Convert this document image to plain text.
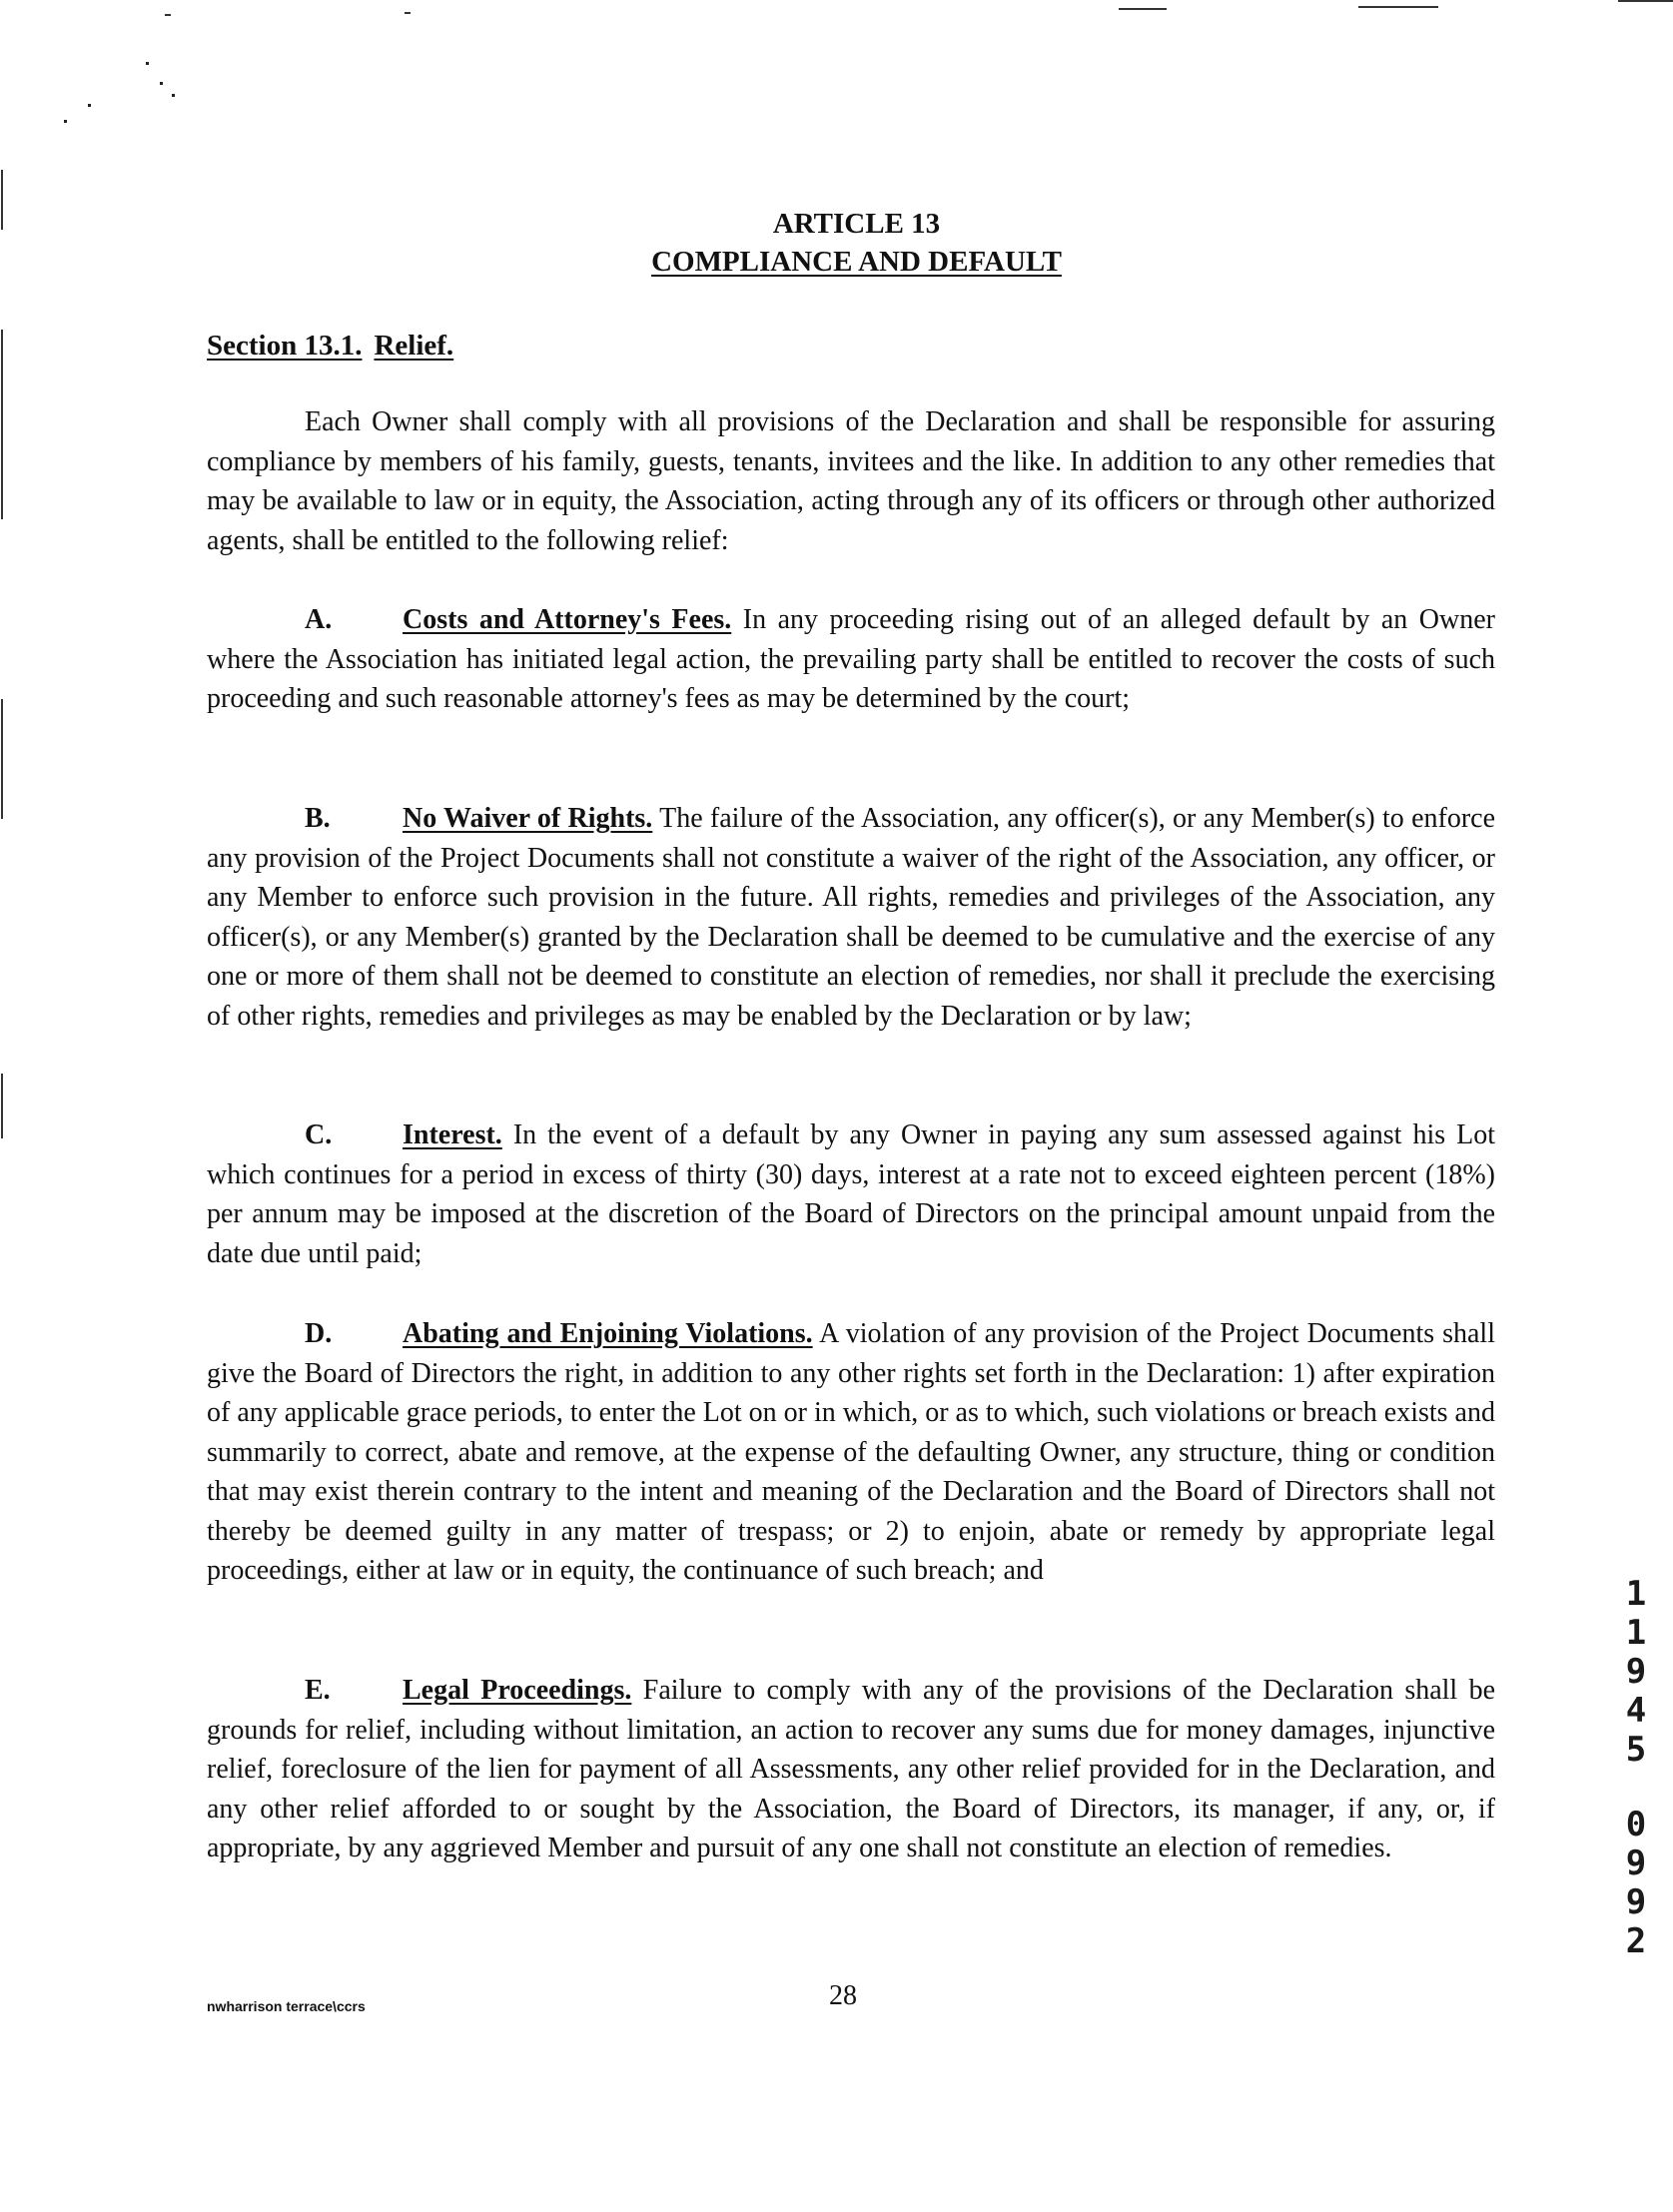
ARTICLE 13
COMPLIANCE AND DEFAULT
Section 13.1. Relief.

Each Owner shall comply with all provisions of the Declaration and shall be responsible for assuring compliance by members of his family, guests, tenants, invitees and the like. In addition to any other remedies that may be available to law or in equity, the Association, acting through any of its officers or through other authorized agents, shall be entitled to the following relief:

A.	Costs and Attorney's Fees. In any proceeding rising out of an alleged default by an Owner where the Association has initiated legal action, the prevailing party shall be entitled to recover the costs of such proceeding and such reasonable attorney's fees as may be determined by the court;

B.	No Waiver of Rights. The failure of the Association, any officer(s), or any Member(s) to enforce any provision of the Project Documents shall not constitute a waiver of the right of the Association, any officer, or any Member to enforce such provision in the future. All rights, remedies and privileges of the Association, any officer(s), or any Member(s) granted by the Declaration shall be deemed to be cumulative and the exercise of any one or more of them shall not be deemed to constitute an election of remedies, nor shall it preclude the exercising of other rights, remedies and privileges as may be enabled by the Declaration or by law;

C.	Interest. In the event of a default by any Owner in paying any sum assessed against his Lot which continues for a period in excess of thirty (30) days, interest at a rate not to exceed eighteen percent (18%) per annum may be imposed at the discretion of the Board of Directors on the principal amount unpaid from the date due until paid;

D.	Abating and Enjoining Violations. A violation of any provision of the Project Documents shall give the Board of Directors the right, in addition to any other rights set forth in the Declaration: 1) after expiration of any applicable grace periods, to enter the Lot on or in which, or as to which, such violations or breach exists and summarily to correct, abate and remove, at the expense of the defaulting Owner, any structure, thing or condition that may exist therein contrary to the intent and meaning of the Declaration and the Board of Directors shall not thereby be deemed guilty in any matter of trespass; or 2) to enjoin, abate or remedy by appropriate legal proceedings, either at law or in equity, the continuance of such breach; and

E.	Legal Proceedings. Failure to comply with any of the provisions of the Declaration shall be grounds for relief, including without limitation, an action to recover any sums due for money damages, injunctive relief, foreclosure of the lien for payment of all Assessments, any other relief provided for in the Declaration, and any other relief afforded to or sought by the Association, the Board of Directors, its manager, if any, or, if appropriate, by any aggrieved Member and pursuit of any one shall not constitute an election of remedies.

nwharrison terrace\ccrs	28
1
1
9
4
5
0
9
9
2
